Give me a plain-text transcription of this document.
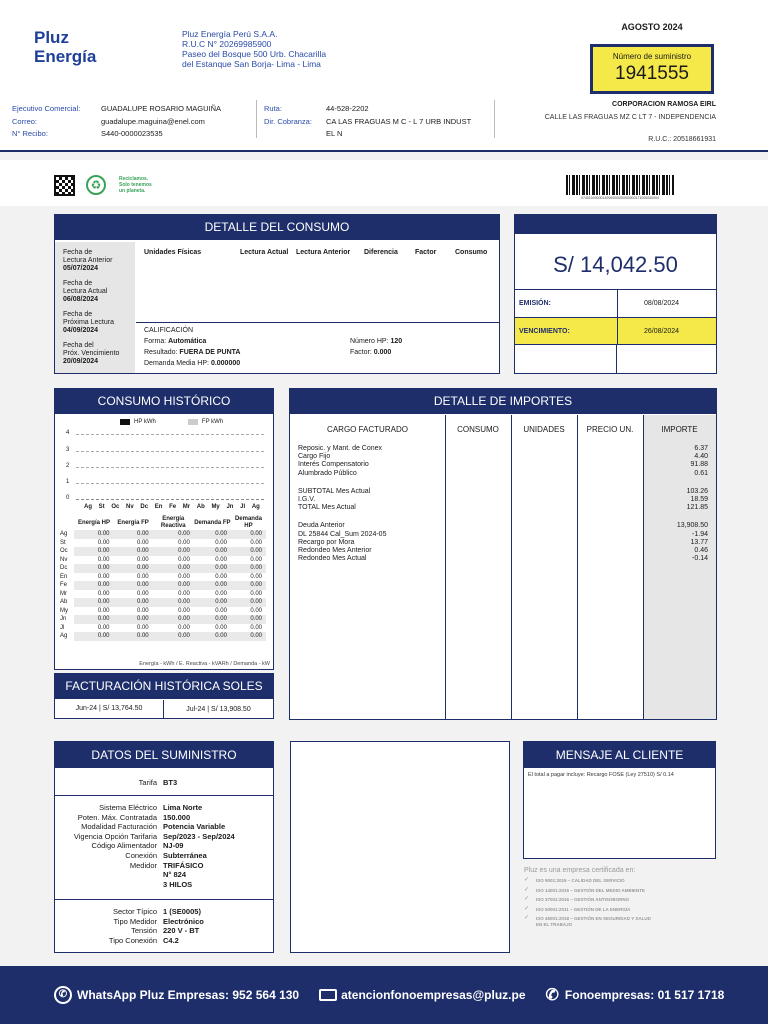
Pluz
Energía
Pluz Energía Perú S.A.A.
R.U.C N° 20269985900
Paseo del Bosque 500 Urb. Chacarilla
del Estanque San Borja- Lima - Lima
AGOSTO 2024
Número de suministro
1941555
CORPORACION RAMOSA EIRL
CALLE LAS FRAGUAS MZ C LT 7 - INDEPENDENCIA
R.U.C.: 20518661931
Ejecutivo Comercial:	GUADALUPE ROSARIO MAGUIÑA
Correo:	guadalupe.maguina@enel.com
N° Recibo:	S440-0000023535
Ruta:	44-528-2202
Dir. Cobranza:	CA LAS FRAGUAS M C - L 7 URB INDUST
EL N
♻	Reciclamos.
Solo tenemos
un planeta.
0740100000014000000000000000171000000004
DETALLE DEL CONSUMO
Fecha de
Lectura Anterior
05/07/2024
Fecha de
Lectura Actual
06/08/2024
Fecha de
Próxima Lectura
04/09/2024
Fecha del
Próx. Vencimiento
20/09/2024
Unidades Físicas	Lectura Actual	Lectura Anterior	Diferencia	Factor	Consumo
CALIFICACIÓN
Forma: Automática
Resultado: FUERA DE PUNTA
Demanda Media HP: 0.000000
Número HP: 120
Factor: 0.000
S/ 14,042.50
EMISIÓN:	08/08/2024
VENCIMIENTO:	26/08/2024
CONSUMO HISTÓRICO
HP kWh	FP kWh
4
3
2
1
0
Ag St Oc Nv Dc En Fe Mr Ab My Jn Jl Ag
	Energía HP	Energía FP	Energía Reactiva	Demanda FP	Demanda HP
Ag	0.00	0.00	0.00	0.00	0.00
St	0.00	0.00	0.00	0.00	0.00
Oc	0.00	0.00	0.00	0.00	0.00
Nv	0.00	0.00	0.00	0.00	0.00
Dc	0.00	0.00	0.00	0.00	0.00
En	0.00	0.00	0.00	0.00	0.00
Fe	0.00	0.00	0.00	0.00	0.00
Mr	0.00	0.00	0.00	0.00	0.00
Ab	0.00	0.00	0.00	0.00	0.00
My	0.00	0.00	0.00	0.00	0.00
Jn	0.00	0.00	0.00	0.00	0.00
Jl	0.00	0.00	0.00	0.00	0.00
Ag	0.00	0.00	0.00	0.00	0.00
Energía - kWh / E. Reactiva - kVARh / Demanda - kW
FACTURACIÓN HISTÓRICA SOLES
Jun-24 | S/ 13,764.50	Jul-24 | S/ 13,908.50
DETALLE DE IMPORTES
CARGO FACTURADO	CONSUMO	UNIDADES	PRECIO UN.	IMPORTE
Reposic. y Mant. de Conex	6.37
Cargo Fijo	4.40
Interés Compensatorio	91.88
Alumbrado Público	0.61
SUBTOTAL Mes Actual	103.26
I.G.V.	18.59
TOTAL Mes Actual	121.85
Deuda Anterior	13,908.50
DL 25844 Cal_Sum 2024-05	-1.94
Recargo por Mora	13.77
Redondeo Mes Anterior	0.46
Redondeo Mes Actual	-0.14
DATOS DEL SUMINISTRO
Tarifa BT3
Sistema Eléctrico Lima Norte
Poten. Máx. Contratada 150.000
Modalidad Facturación Potencia Variable
Vigencia Opción Tarifaria Sep/2023 - Sep/2024
Código Alimentador NJ-09
Conexión Subterránea
Medidor TRIFÁSICO
N° 824
3 HILOS
Sector Típico 1 (SE0005)
Tipo Medidor Electrónico
Tensión 220 V - BT
Tipo Conexión C4.2
MENSAJE AL CLIENTE
El total a pagar incluye: Recargo FOSE (Ley 27510) S/ 0.14
Pluz es una empresa certificada en:
✓	ISO 9001:2015 – CALIDAD DEL SERVICIO
✓	ISO 14001:2015 – GESTIÓN DEL MEDIO AMBIENTE
✓	ISO 37001:2016 – GESTIÓN ANTISOBORNO
✓	ISO 50001:2011 – GESTIÓN DE LA ENERGÍA
✓	ISO 45001:2018 – GESTIÓN EN SEGURIDAD Y SALUD EN EL TRABAJO
✆ WhatsApp Pluz Empresas: 952 564 130	atencionfonoempresas@pluz.pe ✆ Fonoempresas: 01 517 1718
